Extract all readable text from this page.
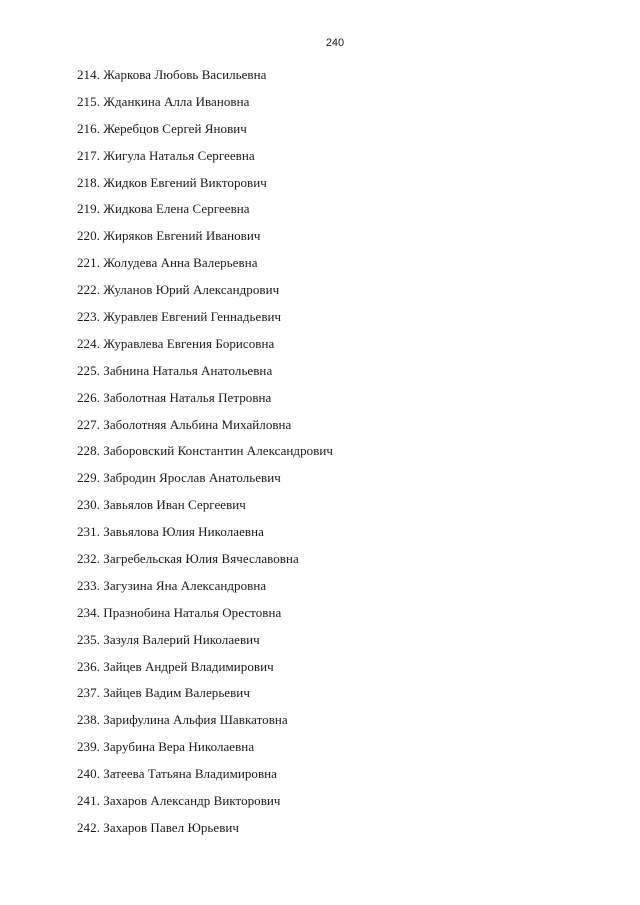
240
214. Жаркова Любовь Васильевна
215. Жданкина Алла Ивановна
216. Жеребцов Сергей Янович
217. Жигула Наталья Сергеевна
218. Жидков Евгений Викторович
219. Жидкова Елена Сергеевна
220. Жиряков Евгений Иванович
221. Жолудева Анна Валерьевна
222. Жуланов Юрий Александрович
223. Журавлев Евгений Геннадьевич
224. Журавлева Евгения Борисовна
225. Забнина Наталья Анатольевна
226. Заболотная Наталья Петровна
227. Заболотняя Альбина Михайловна
228. Заборовский Константин Александрович
229. Забродин Ярослав Анатольевич
230. Завьялов Иван Сергеевич
231. Завьялова Юлия Николаевна
232. Загребельская Юлия Вячеславовна
233. Загузина Яна Александровна
234. Празнобина Наталья Орестовна
235. Зазуля Валерий Николаевич
236. Зайцев Андрей Владимирович
237. Зайцев Вадим Валерьевич
238. Зарифулина Альфия Шавкатовна
239. Зарубина Вера Николаевна
240. Затеева Татьяна Владимировна
241. Захаров Александр Викторович
242. Захаров Павел Юрьевич
